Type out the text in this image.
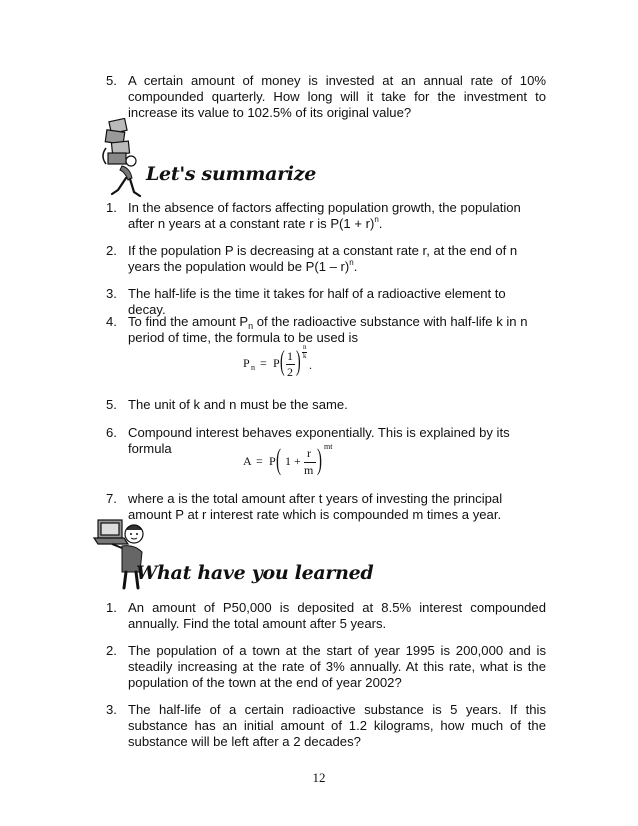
5. A certain amount of money is invested at an annual rate of 10% compounded quarterly. How long will it take for the investment to increase its value to 102.5% of its original value?
Let's summarize
1. In the absence of factors affecting population growth, the population after n years at a constant rate r is $P(1 + r)^n$.
2. If the population P is decreasing at a constant rate r, at the end of n years the population would be P(1 – r)$^n$.
3. The half-life is the time it takes for half of a radioactive element to decay.
4. To find the amount $P_n$ of the radioactive substance with half-life k in n period of time, the formula to be used is
P n = P ( 1
2 ) n
k
.
5. The unit of k and n must be the same.
6. Compound interest behaves exponentially. This is explained by its formula
A = P ( 1 +
r
m ) mt
7. where a is the total amount after t years of investing the principal amount P at r interest rate which is compounded m times a year.
What have you learned
1. An amount of P50,000 is deposited at 8.5% interest compounded annually. Find the total amount after 5 years.
2. The population of a town at the start of year 1995 is 200,000 and is steadily increasing at the rate of 3% annually. At this rate, what is the population of the town at the end of year 2002?
3. The half-life of a certain radioactive substance is 5 years. If this substance has an initial amount of 1.2 kilograms, how much of the substance will be left after a 2 decades?
12
